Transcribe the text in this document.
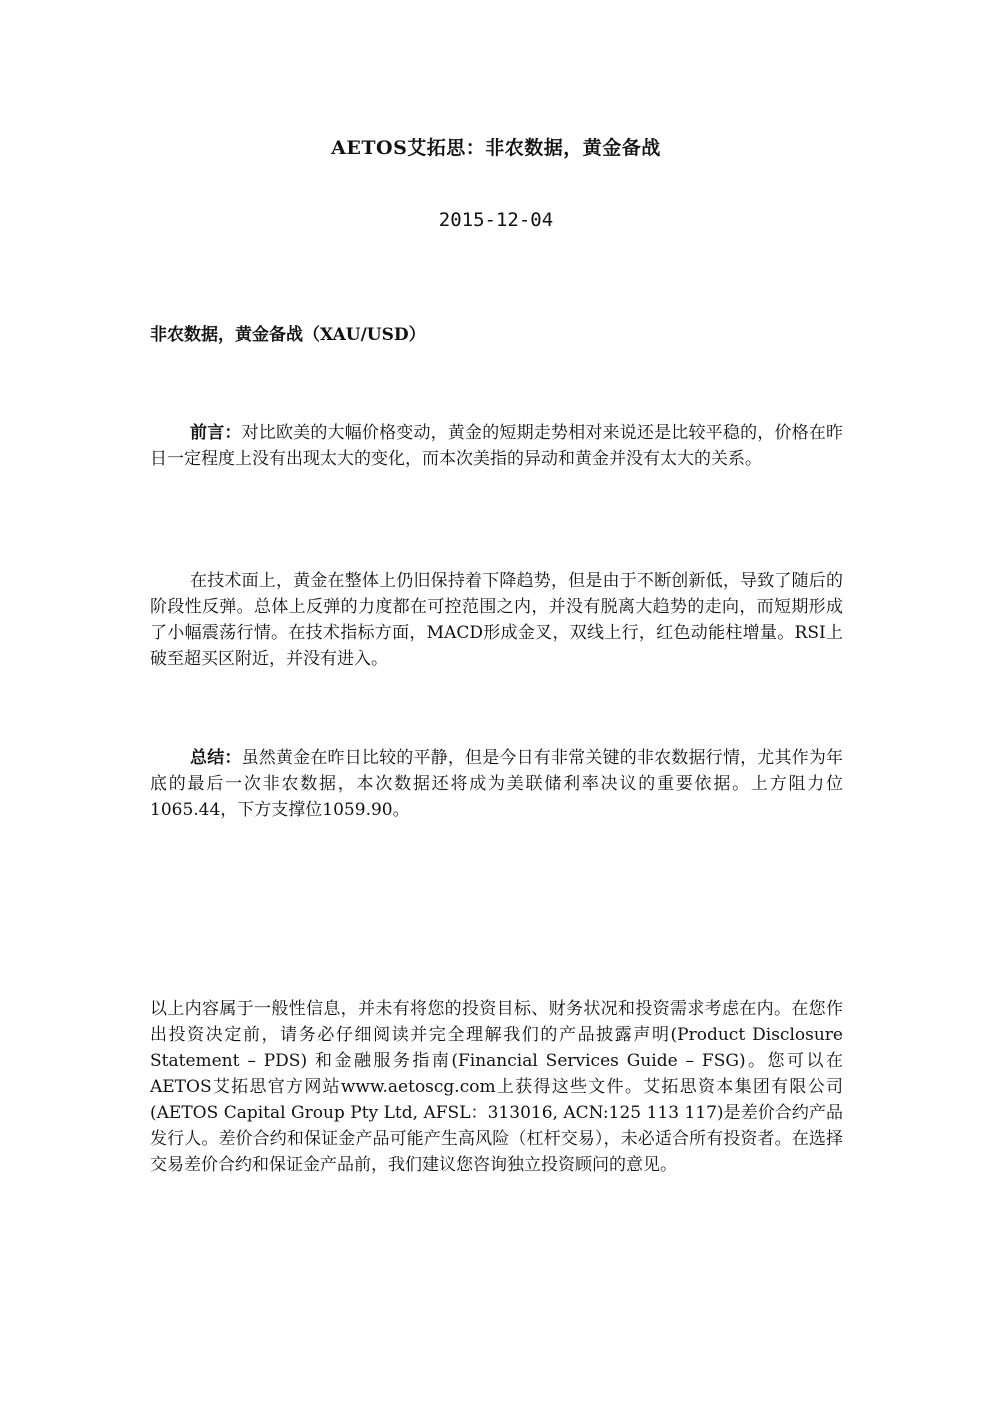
AETOS艾拓思：非农数据，黄金备战
2015-12-04
非农数据，黄金备战（XAU/USD）
前言：对比欧美的大幅价格变动，黄金的短期走势相对来说还是比较平稳的，价格在昨日一定程度上没有出现太大的变化，而本次美指的异动和黄金并没有太大的关系。
在技术面上，黄金在整体上仍旧保持着下降趋势，但是由于不断创新低，导致了随后的阶段性反弹。总体上反弹的力度都在可控范围之内，并没有脱离大趋势的走向，而短期形成了小幅震荡行情。在技术指标方面，MACD形成金叉，双线上行，红色动能柱增量。RSI上破至超买区附近，并没有进入。
总结：虽然黄金在昨日比较的平静，但是今日有非常关键的非农数据行情，尤其作为年底的最后一次非农数据，本次数据还将成为美联储利率决议的重要依据。上方阻力位1065.44，下方支撑位1059.90。
以上内容属于一般性信息，并未有将您的投资目标、财务状况和投资需求考虑在内。在您作出投资决定前，请务必仔细阅读并完全理解我们的产品披露声明(Product Disclosure Statement – PDS) 和金融服务指南(Financial Services Guide – FSG)。您可以在AETOS艾拓思官方网站www.aetoscg.com上获得这些文件。艾拓思资本集团有限公司(AETOS Capital Group Pty Ltd, AFSL：313016, ACN:125 113 117)是差价合约产品发行人。差价合约和保证金产品可能产生高风险（杠杆交易），未必适合所有投资者。在选择交易差价合约和保证金产品前，我们建议您咨询独立投资顾问的意见。
